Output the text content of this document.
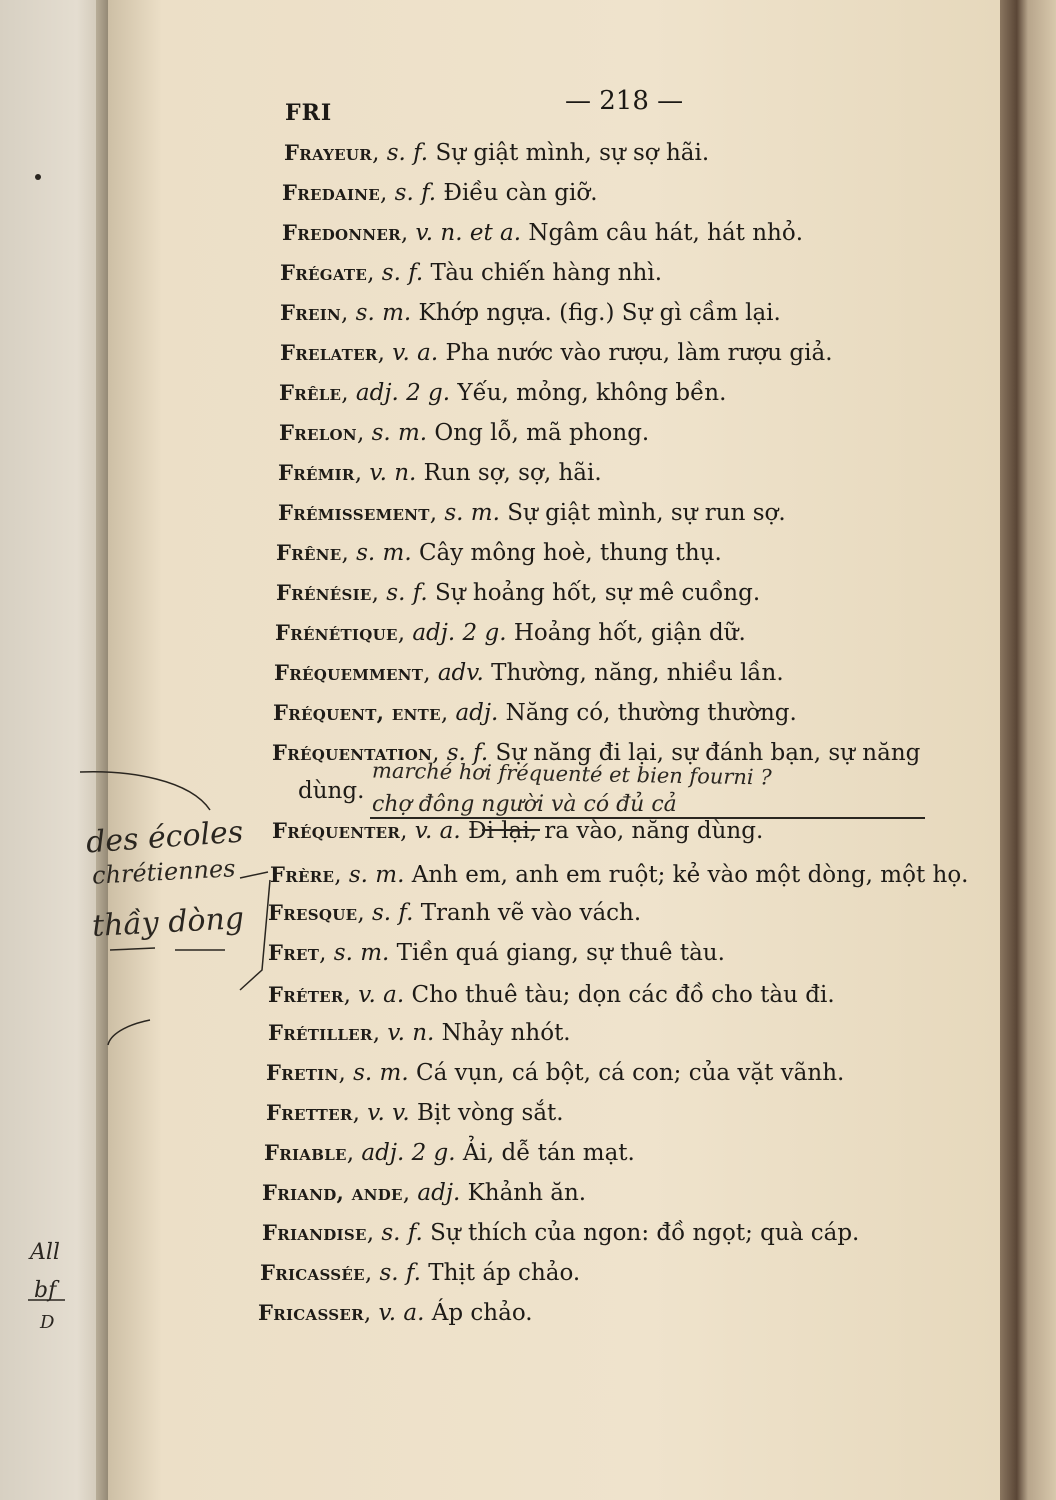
FRI	— 218 —
Frayeur, s. f. Sự giật mình, sự sợ hãi.
Fredaine, s. f. Điều càn giỡ.
Fredonner, v. n. et a. Ngâm câu hát, hát nhỏ.
Frégate, s. f. Tàu chiến hàng nhì.
Frein, s. m. Khớp ngựa. (fig.) Sự gì cầm lại.
Frelater, v. a. Pha nước vào rượu, làm rượu giả.
Frêle, adj. 2 g. Yếu, mỏng, không bền.
Frelon, s. m. Ong lỗ, mã phong.
Frémir, v. n. Run sợ, sợ, hãi.
Frémissement, s. m. Sự giật mình, sự run sợ.
Frêne, s. m. Cây mông hoè, thung thụ.
Frénésie, s. f. Sự hoảng hốt, sự mê cuồng.
Frénétique, adj. 2 g. Hoảng hốt, giận dữ.
Fréquemment, adv. Thường, năng, nhiều lần.
Fréquent, ente, adj. Năng có, thường thường.
Fréquentation, s. f. Sự năng đi lại, sự đánh bạn, sự năng
dùng.
Fréquenter, v. a. Đi lại, ra vào, năng dùng.
Frère, s. m. Anh em, anh em ruột; kẻ vào một dòng, một họ.
Fresque, s. f. Tranh vẽ vào vách.
Fret, s. m. Tiền quá giang, sự thuê tàu.
Fréter, v. a. Cho thuê tàu; dọn các đồ cho tàu đi.
Frétiller, v. n. Nhảy nhót.
Fretin, s. m. Cá vụn, cá bột, cá con; của vặt vãnh.
Fretter, v. v. Bịt vòng sắt.
Friable, adj. 2 g. Ải, dễ tán mạt.
Friand, ande, adj. Khảnh ăn.
Friandise, s. f. Sự thích của ngon: đồ ngọt; quà cáp.
Fricassée, s. f. Thịt áp chảo.
Fricasser, v. a. Áp chảo.
marché hơi fréquenté et bien fourni ?
chợ đông người và có đủ cả
des écoles
chrétiennes
thầy dòng
All
bf
D
